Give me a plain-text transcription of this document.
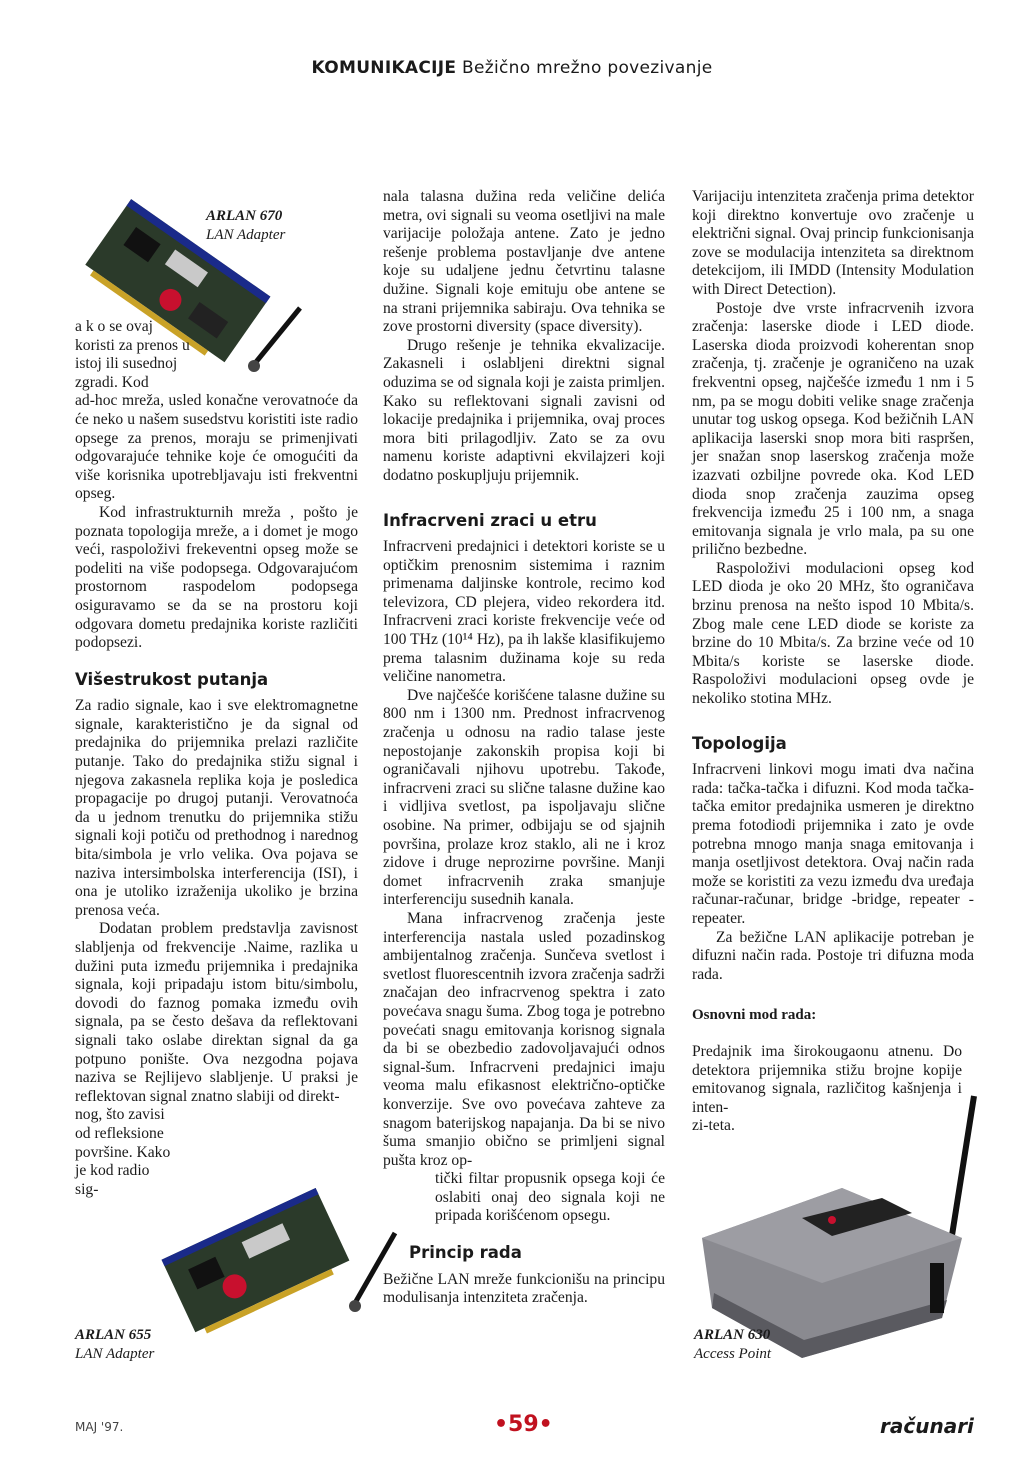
KOMUNIKACIJE Bežično mrežno povezivanje
ARLAN 670
LAN Adapter

a k o se ovaj koristi za prenos u istoj ili susednoj zgradi. Kod

ad-hoc mreža, usled konačne verovatnoće da će neko u našem susedstvu koristiti iste radio opsege za prenos, moraju se primenjivati odgovarajuće tehnike koje će omogućiti da više korisnika upotrebljavaju isti frekventni opseg.

Kod infrastrukturnih mreža , pošto je poznata topologija mreže, a i domet je mogo veći, raspoloživi frekeventni opseg može se podeliti na više podopsega. Odgovarajućom prostornom raspodelom podopsega osiguravamo se da se na prostoru koji odgovara dometu predajnika koriste različiti podopsezi.

Višestrukost putanja

Za radio signale, kao i sve elektromagnetne signale, karakteristično je da signal od predajnika do prijemnika prelazi različite putanje. Tako do predajnika stižu signal i njegova zakasnela replika koja je posledica propagacije po drugoj putanji. Verovatnoća da u jednom trenutku do prijemnika stižu signali koji potiču od prethodnog i narednog bita/simbola je vrlo velika. Ova pojava se naziva intersimbolska interferencija (ISI), i ona je utoliko izraženija ukoliko je brzina prenosa veća.

Dodatan problem predstavlja zavisnost slabljenja od frekvencije .Naime, razlika u dužini puta između prijemnika i predajnika signala, koji pripadaju istom bitu/simbolu, dovodi do faznog pomaka između ovih signala, pa se često dešava da reflektovani signali tako oslabe direktan signal da ga potpuno ponište. Ova nezgodna pojava naziva se Rejlijevo slabljenje. U praksi je reflektovan signal znatno slabiji od direkt-

nog, što zavisi od refleksione površine. Kako je kod radio sig-

ARLAN 655
LAN Adapter

nala talasna dužina reda veličine delića metra, ovi signali su veoma osetljivi na male varijacije položaja antene. Zato je jedno rešenje problema postavljanje dve antene koje su udaljene jednu četvrtinu talasne dužine. Signali koje emituju obe antene se na strani prijemnika sabiraju. Ova tehnika se zove prostorni diversity (space diversity).

Drugo rešenje je tehnika ekvalizacije. Zakasneli i oslabljeni direktni signal oduzima se od signala koji je zaista primljen. Kako su reflektovani signali zavisni od lokacije predajnika i prijemnika, ovaj proces mora biti prilagodljiv. Zato se za ovu namenu koriste adaptivni ekvilajzeri koji dodatno poskupljuju prijemnik.

Infracrveni zraci u etru

Infracrveni predajnici i detektori koriste se u optičkim prenosnim sistemima i raznim primenama daljinske kontrole, recimo kod televizora, CD plejera, video rekordera itd. Infracrveni zraci koriste frekvencije veće od 100 THz (10¹⁴ Hz), pa ih lakše klasifikujemo prema talasnim dužinama koje su reda veličine nanometra.

Dve najčešće korišćene talasne dužine su 800 nm i 1300 nm. Prednost infracrvenog zračenja u odnosu na radio talase jeste nepostojanje zakonskih propisa koji bi ograničavali njihovu upotrebu. Takođe, infracrveni zraci su slične talasne dužine kao i vidljiva svetlost, pa ispoljavaju slične osobine. Na primer, odbijaju se od sjajnih površina, prolaze kroz staklo, ali ne i kroz zidove i druge neprozirne površine. Manji domet infracrvenih zraka smanjuje interferenciju susednih kanala.

Mana infracrvenog zračenja jeste interferencija nastala usled pozadinskog ambijentalnog zračenja. Sunčeva svetlost i svetlost fluorescentnih izvora zračenja sadrži značajan deo infracrvenog spektra i zato povećava snagu šuma. Zbog toga je potrebno povećati snagu emitovanja korisnog signala da bi se obezbedio zadovoljavajući odnos signal-šum. Infracrveni predajnici imaju veoma malu efikasnost električno-optičke konverzije. Sve ovo povećava zahteve za snagom baterijskog napajanja. Da bi se nivo šuma smanjio obično se primljeni signal pušta kroz op-

tički filtar propusnik opsega koji će oslabiti onaj deo signala koji ne pripada korišćenom opsegu.

Princip rada

Bežične LAN mreže funkcionišu na principu modulisanja intenziteta zračenja.

Varijaciju intenziteta zračenja prima detektor koji direktno konvertuje ovo zračenje u električni signal. Ovaj princip funkcionisanja zove se modulacija intenziteta sa direktnom detekcijom, ili IMDD (Intensity Modulation with Direct Detection).

Postoje dve vrste infracrvenih izvora zračenja: laserske diode i LED diode. Laserska dioda proizvodi koherentan snop zračenja, tj. zračenje je ograničeno na uzak frekventni opseg, najčešće između 1 nm i 5 nm, pa se mogu dobiti velike snage zračenja unutar tog uskog opsega. Kod bežičnih LAN aplikacija laserski snop mora biti raspršen, jer snažan snop laserskog zračenja može izazvati ozbiljne povrede oka. Kod LED dioda snop zračenja zauzima opseg frekvencija između 25 i 100 nm, a snaga emitovanja signala je vrlo mala, pa su one prilično bezbedne.

Raspoloživi modulacioni opseg kod LED dioda je oko 20 MHz, što ograničava brzinu prenosa na nešto ispod 10 Mbita/s. Zbog male cene LED diode se koriste za brzine do 10 Mbita/s. Za brzine veće od 10 Mbita/s koriste se laserske diode. Raspoloživi modulacioni opseg ovde je nekoliko stotina MHz.

Topologija

Infracrveni linkovi mogu imati dva načina rada: tačka-tačka i difuzni. Kod moda tačka-tačka emitor predajnika usmeren je direktno prema fotodiodi prijemnika i zato je ovde potrebna mnogo manja snaga emitovanja i manja osetljivost detektora. Ovaj način rada može se koristiti za vezu između dva uređaja računar-računar, bridge -bridge, repeater - repeater.

Za bežične LAN aplikacije potreban je difuzni način rada. Postoje tri difuzna moda rada.

Osnovni mod rada:

Predajnik ima širokougaonu atnenu. Do detektora prijemnika stižu brojne kopije emitovanog signala, različitog kašnjenja i inten-

zi-teta.

ARLAN 630
Access Point
MAJ '97.	•59•	računari
